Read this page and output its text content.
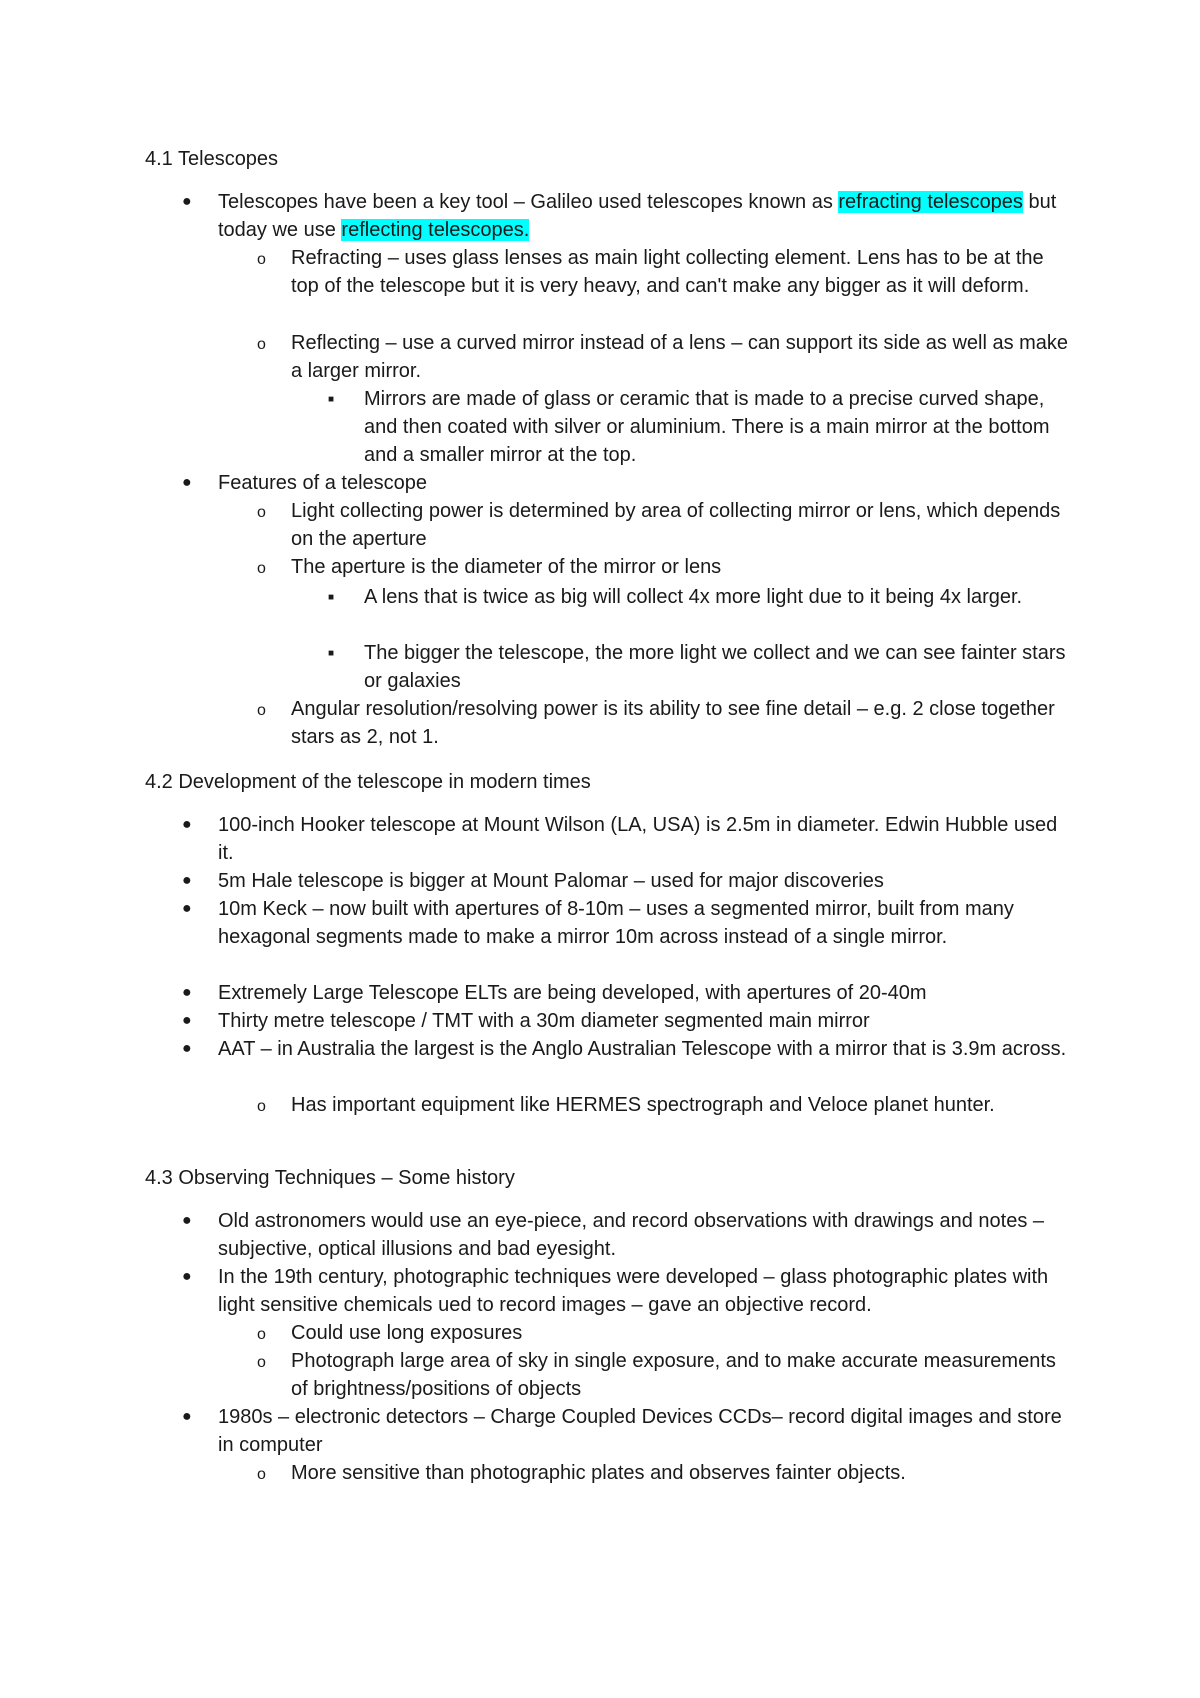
4.1 Telescopes
● Telescopes have been a key tool – Galileo used telescopes known as refracting telescopes but today we use reflecting telescopes.
o Refracting – uses glass lenses as main light collecting element. Lens has to be at the top of the telescope but it is very heavy, and can't make any bigger as it will deform.
o Reflecting – use a curved mirror instead of a lens – can support its side as well as make a larger mirror.
■ Mirrors are made of glass or ceramic that is made to a precise curved shape, and then coated with silver or aluminium. There is a main mirror at the bottom and a smaller mirror at the top.
● Features of a telescope
o Light collecting power is determined by area of collecting mirror or lens, which depends on the aperture
o The aperture is the diameter of the mirror or lens
■ A lens that is twice as big will collect 4x more light due to it being 4x larger.
■ The bigger the telescope, the more light we collect and we can see fainter stars or galaxies
o Angular resolution/resolving power is its ability to see fine detail – e.g. 2 close together stars as 2, not 1.
4.2 Development of the telescope in modern times
● 100-inch Hooker telescope at Mount Wilson (LA, USA) is 2.5m in diameter. Edwin Hubble used it.
● 5m Hale telescope is bigger at Mount Palomar – used for major discoveries
● 10m Keck – now built with apertures of 8-10m – uses a segmented mirror, built from many hexagonal segments made to make a mirror 10m across instead of a single mirror.
● Extremely Large Telescope ELTs are being developed, with apertures of 20-40m
● Thirty metre telescope / TMT with a 30m diameter segmented main mirror
● AAT – in Australia the largest is the Anglo Australian Telescope with a mirror that is 3.9m across.
o Has important equipment like HERMES spectrograph and Veloce planet hunter.
4.3 Observing Techniques – Some history
● Old astronomers would use an eye-piece, and record observations with drawings and notes – subjective, optical illusions and bad eyesight.
● In the 19th century, photographic techniques were developed – glass photographic plates with light sensitive chemicals ued to record images – gave an objective record.
o Could use long exposures
o Photograph large area of sky in single exposure, and to make accurate measurements of brightness/positions of objects
● 1980s – electronic detectors – Charge Coupled Devices CCDs– record digital images and store in computer
o More sensitive than photographic plates and observes fainter objects.
